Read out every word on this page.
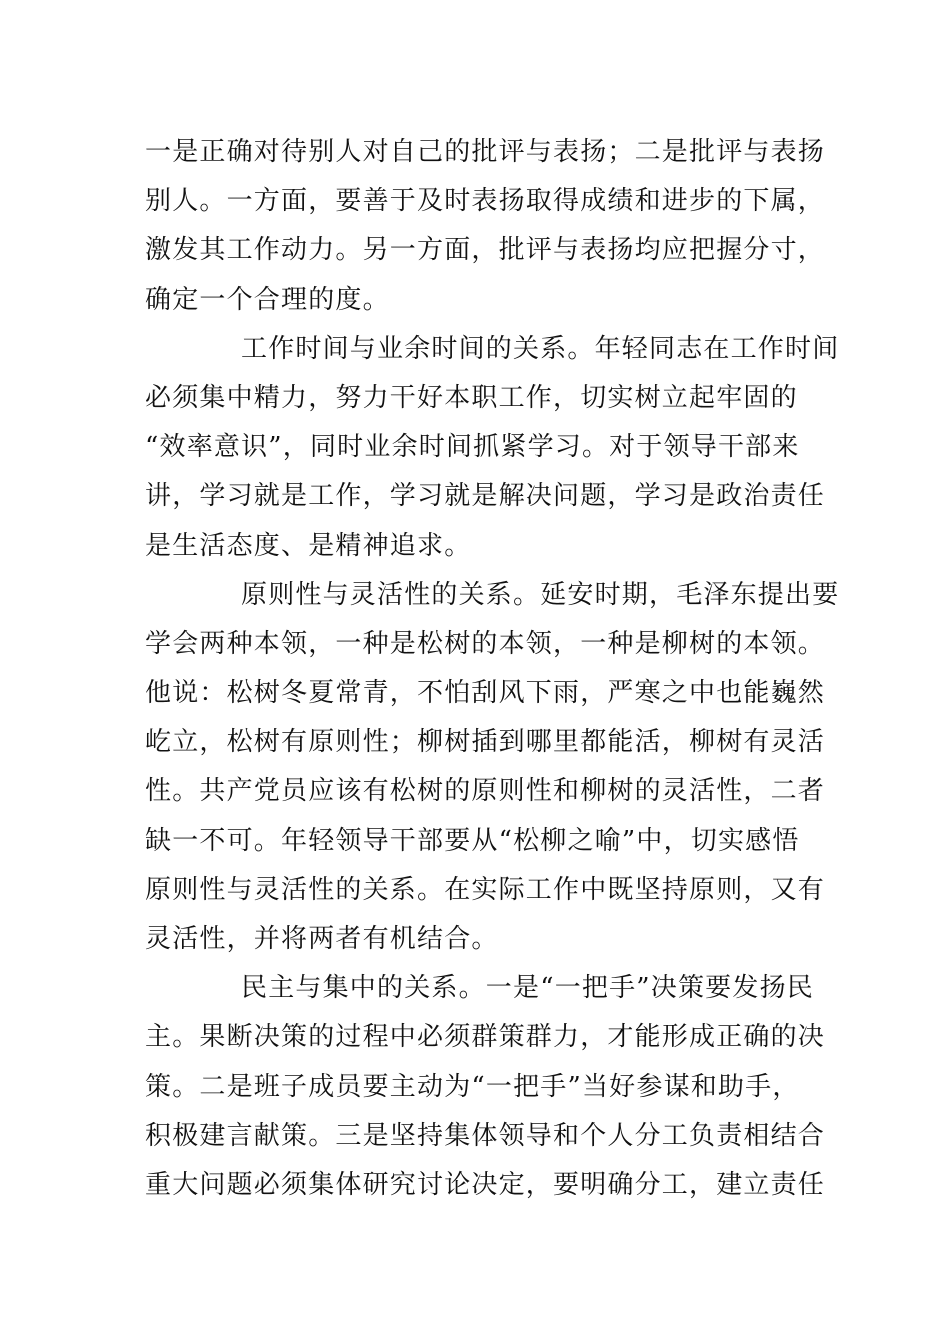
一是正确对待别人对自己的批评与表扬；二是批评与表扬
别人。一方面，要善于及时表扬取得成绩和进步的下属，
激发其工作动力。另一方面，批评与表扬均应把握分寸，
确定一个合理的度。
工作时间与业余时间的关系。年轻同志在工作时间
必须集中精力，努力干好本职工作，切实树立起牢固的
“效率意识”，同时业余时间抓紧学习。对于领导干部来
讲，学习就是工作，学习就是解决问题，学习是政治责任
是生活态度、是精神追求。
原则性与灵活性的关系。延安时期，毛泽东提出要
学会两种本领，一种是松树的本领，一种是柳树的本领。
他说：松树冬夏常青，不怕刮风下雨，严寒之中也能巍然
屹立，松树有原则性；柳树插到哪里都能活，柳树有灵活
性。共产党员应该有松树的原则性和柳树的灵活性，二者
缺一不可。年轻领导干部要从“松柳之喻”中，切实感悟
原则性与灵活性的关系。在实际工作中既坚持原则，又有
灵活性，并将两者有机结合。
民主与集中的关系。一是“一把手”决策要发扬民
主。果断决策的过程中必须群策群力，才能形成正确的决
策。二是班子成员要主动为“一把手”当好参谋和助手，
积极建言献策。三是坚持集体领导和个人分工负责相结合
重大问题必须集体研究讨论决定，要明确分工，建立责任
